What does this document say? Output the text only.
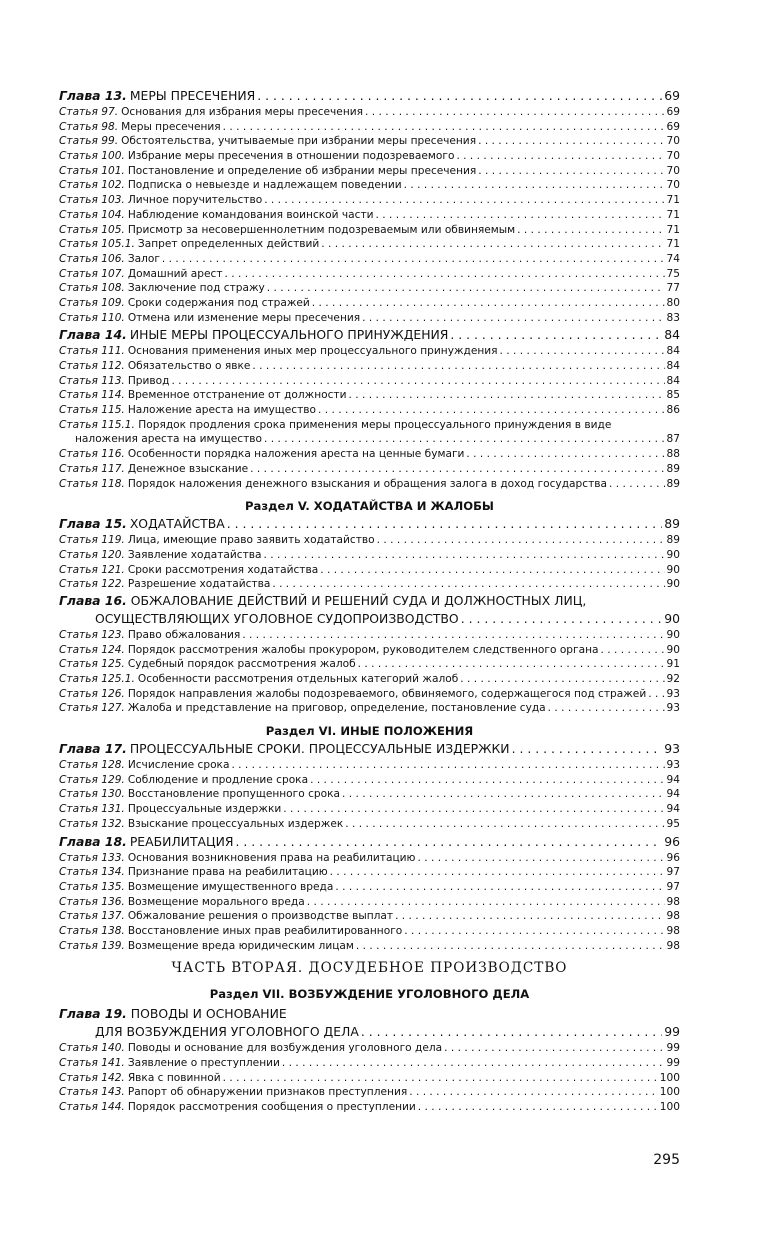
Глава 13. МЕРЫ ПРЕСЕЧЕНИЯ . . .	69
Статья 97. Основания для избрания меры пресечения . . .	69
Статья 98. Меры пресечения . . .	69
Статья 99. Обстоятельства, учитываемые при избрании меры пресечения . . .	70
Статья 100. Избрание меры пресечения в отношении подозреваемого . . .	70
Статья 101. Постановление и определение об избрании меры пресечения . . .	70
Статья 102. Подписка о невыезде и надлежащем поведении . . .	70
Статья 103. Личное поручительство . . .	71
Статья 104. Наблюдение командования воинской части . . .	71
Статья 105. Присмотр за несовершеннолетним подозреваемым или обвиняемым . . .	71
Статья 105.1. Запрет определенных действий . . .	71
Статья 106. Залог . . .	74
Статья 107. Домашний арест . . .	75
Статья 108. Заключение под стражу . . .	77
Статья 109. Сроки содержания под стражей . . .	80
Статья 110. Отмена или изменение меры пресечения . . .	83
Глава 14. ИНЫЕ МЕРЫ ПРОЦЕССУАЛЬНОГО ПРИНУЖДЕНИЯ . . .	84
Статья 111. Основания применения иных мер процессуального принуждения . . .	84
Статья 112. Обязательство о явке . . .	84
Статья 113. Привод . . .	84
Статья 114. Временное отстранение от должности . . .	85
Статья 115. Наложение ареста на имущество . . .	86
Статья 115.1. Порядок продления срока применения меры процессуального принуждения в виде
наложения ареста на имущество . . .	87
Статья 116. Особенности порядка наложения ареста на ценные бумаги . . .	88
Статья 117. Денежное взыскание . . .	89
Статья 118. Порядок наложения денежного взыскания и обращения залога в доход государства . . .	89
Раздел V. ХОДАТАЙСТВА И ЖАЛОБЫ
Глава 15. ХОДАТАЙСТВА . . .	89
Статья 119. Лица, имеющие право заявить ходатайство . . .	89
Статья 120. Заявление ходатайства . . .	90
Статья 121. Сроки рассмотрения ходатайства . . .	90
Статья 122. Разрешение ходатайства . . .	90
Глава 16. ОБЖАЛОВАНИЕ ДЕЙСТВИЙ И РЕШЕНИЙ СУДА И ДОЛЖНОСТНЫХ ЛИЦ,
ОСУЩЕСТВЛЯЮЩИХ УГОЛОВНОЕ СУДОПРОИЗВОДСТВО . . .	90
Статья 123. Право обжалования . . .	90
Статья 124. Порядок рассмотрения жалобы прокурором, руководителем следственного органа . . .	90
Статья 125. Судебный порядок рассмотрения жалоб . . .	91
Статья 125.1. Особенности рассмотрения отдельных категорий жалоб . . .	92
Статья 126. Порядок направления жалобы подозреваемого, обвиняемого, содержащегося под стражей . . . 93
Статья 127. Жалоба и представление на приговор, определение, постановление суда . . .	93
Раздел VI. ИНЫЕ ПОЛОЖЕНИЯ
Глава 17. ПРОЦЕССУАЛЬНЫЕ СРОКИ. ПРОЦЕССУАЛЬНЫЕ ИЗДЕРЖКИ . . .	93
Статья 128. Исчисление срока . . .	93
Статья 129. Соблюдение и продление срока . . .	94
Статья 130. Восстановление пропущенного срока . . .	94
Статья 131. Процессуальные издержки . . .	94
Статья 132. Взыскание процессуальных издержек . . .	95
Глава 18. РЕАБИЛИТАЦИЯ . . .	96
Статья 133. Основания возникновения права на реабилитацию . . .	96
Статья 134. Признание права на реабилитацию . . .	97
Статья 135. Возмещение имущественного вреда . . .	97
Статья 136. Возмещение морального вреда . . .	98
Статья 137. Обжалование решения о производстве выплат . . .	98
Статья 138. Восстановление иных прав реабилитированного . . .	98
Статья 139. Возмещение вреда юридическим лицам . . .	98
ЧАСТЬ ВТОРАЯ. ДОСУДЕБНОЕ ПРОИЗВОДСТВО
Раздел VII. ВОЗБУЖДЕНИЕ УГОЛОВНОГО ДЕЛА
Глава 19. ПОВОДЫ И ОСНОВАНИЕ
ДЛЯ ВОЗБУЖДЕНИЯ УГОЛОВНОГО ДЕЛА . . .	99
Статья 140. Поводы и основание для возбуждения уголовного дела . . .	99
Статья 141. Заявление о преступлении . . .	99
Статья 142. Явка с повинной . . .	100
Статья 143. Рапорт об обнаружении признаков преступления . . .	100
Статья 144. Порядок рассмотрения сообщения о преступлении . . .	100
295
